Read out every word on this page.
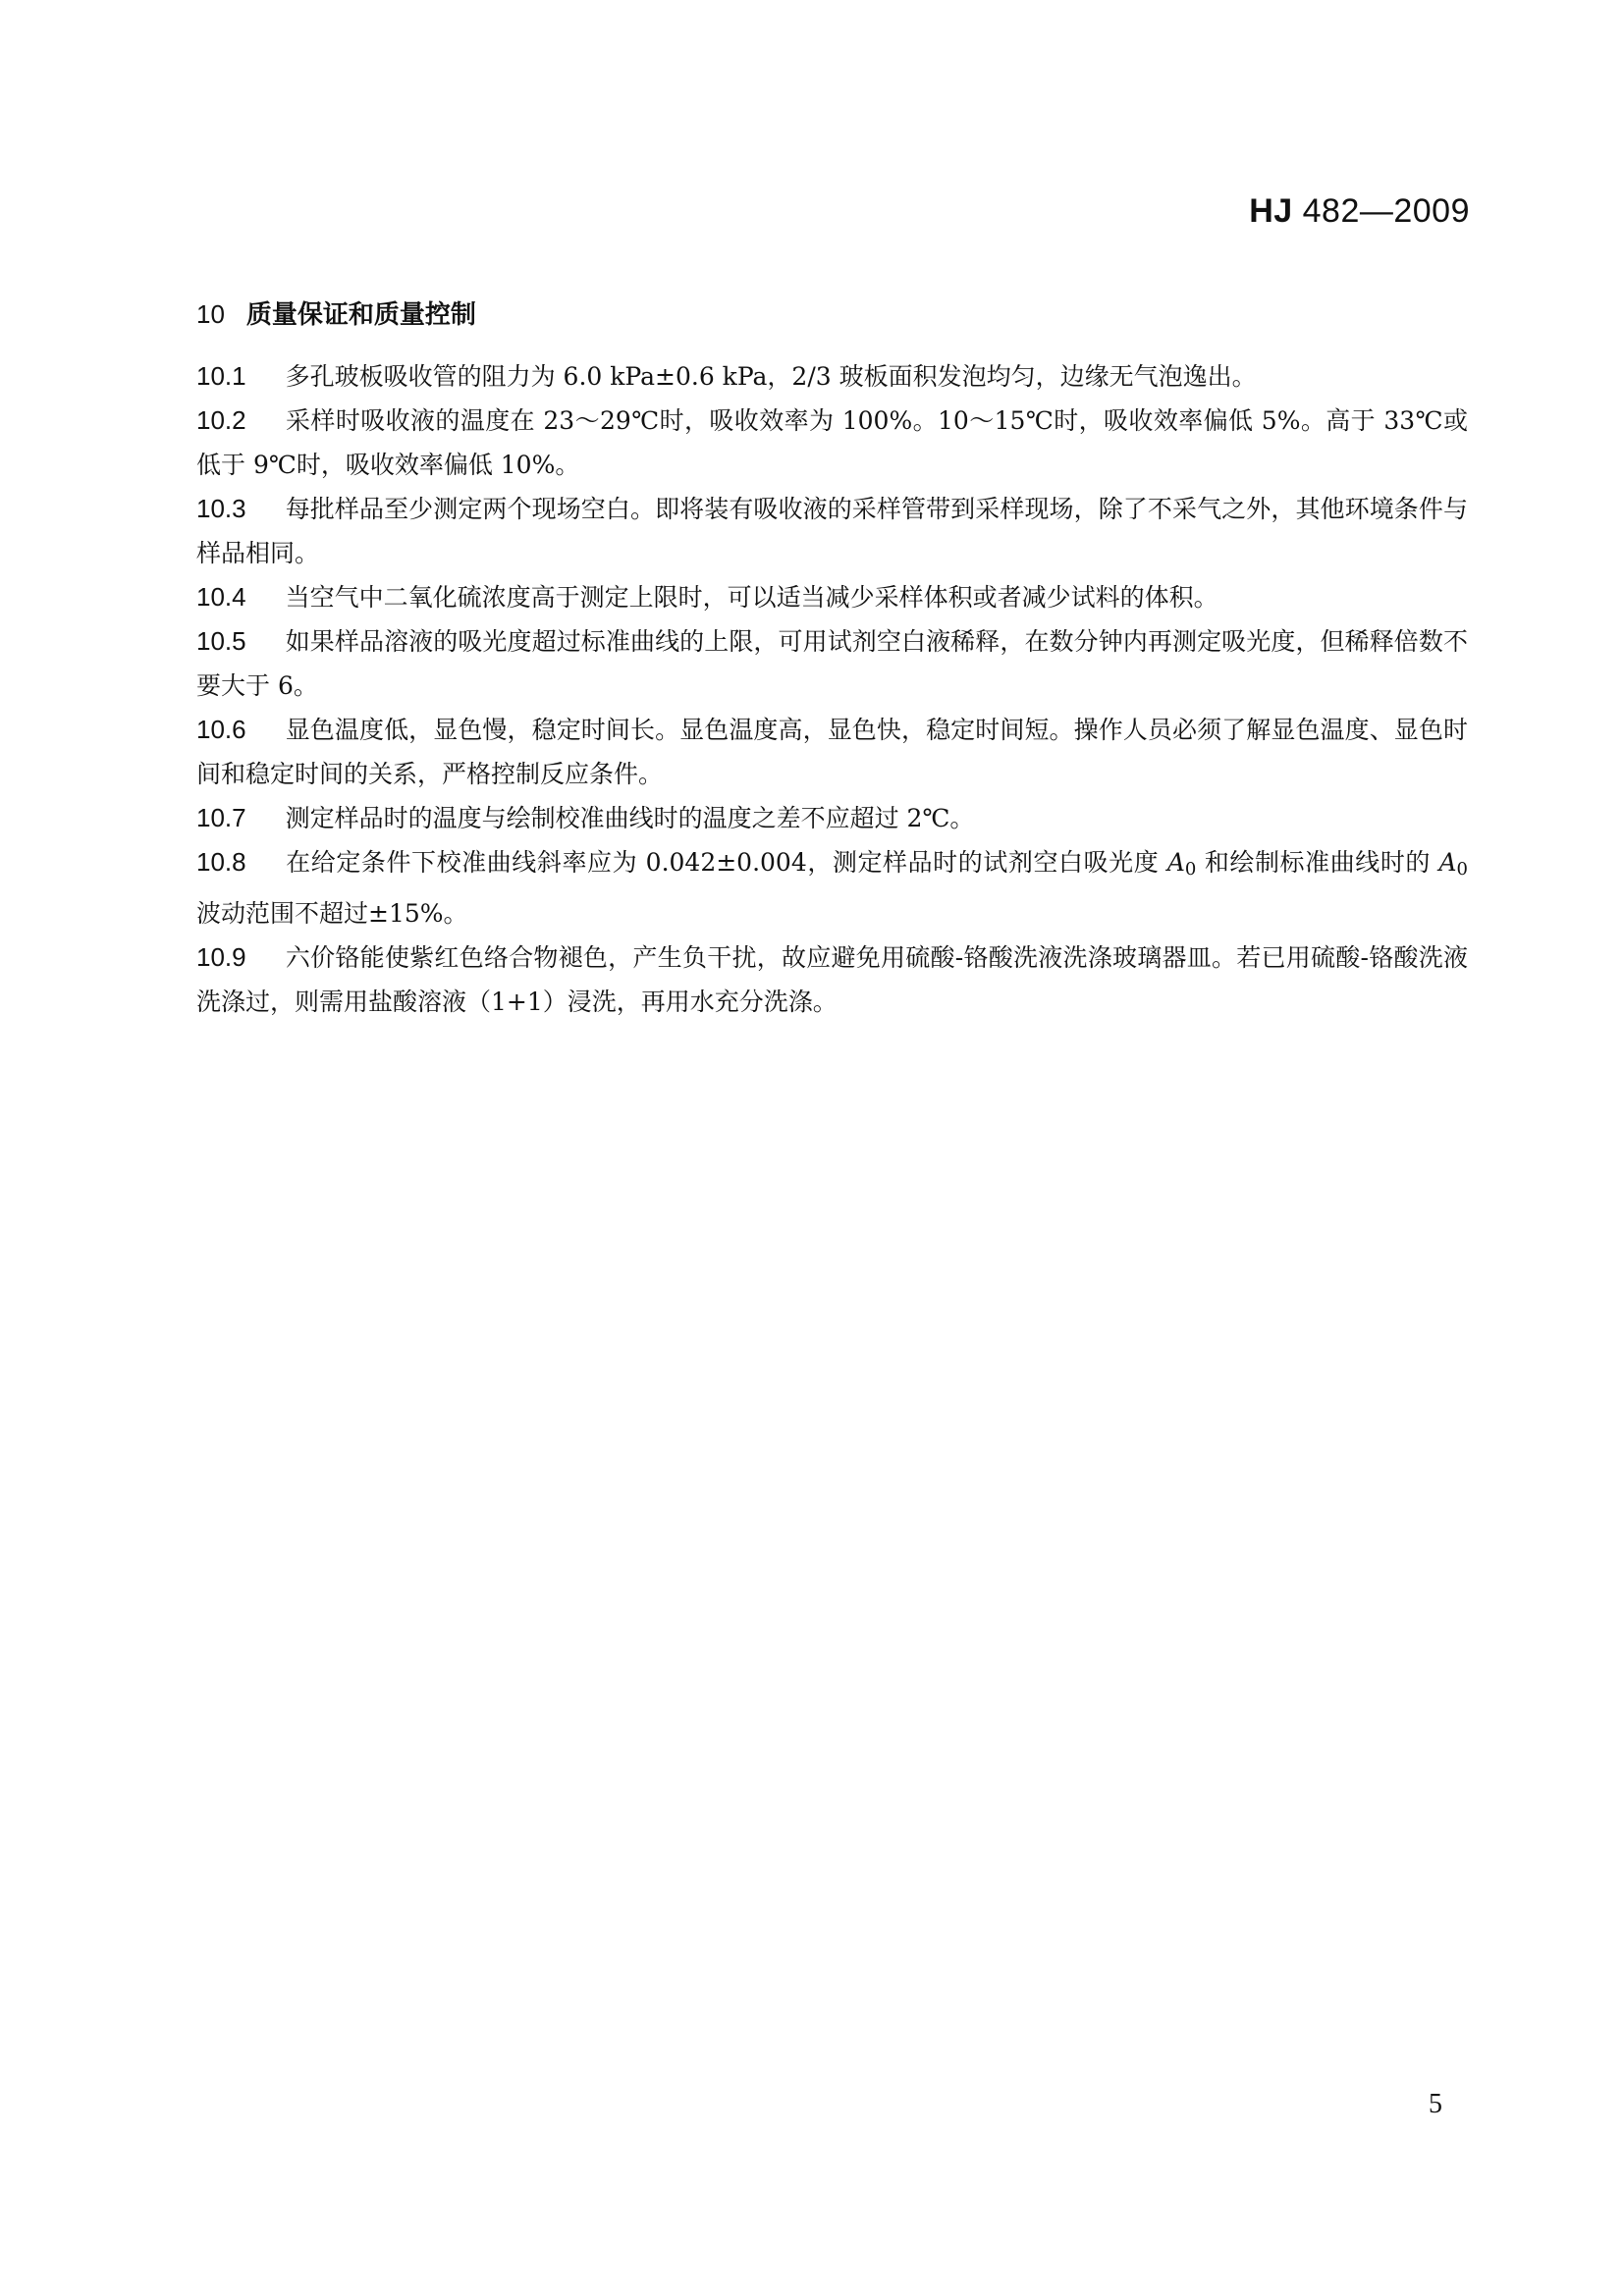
HJ 482—2009
10 质量保证和质量控制

10.1 多孔玻板吸收管的阻力为 6.0 kPa±0.6 kPa，2/3 玻板面积发泡均匀，边缘无气泡逸出。

10.2 采样时吸收液的温度在 23～29℃时，吸收效率为 100%。10～15℃时，吸收效率偏低 5%。高于 33℃或低于 9℃时，吸收效率偏低 10%。

10.3 每批样品至少测定两个现场空白。即将装有吸收液的采样管带到采样现场，除了不采气之外，其他环境条件与样品相同。

10.4 当空气中二氧化硫浓度高于测定上限时，可以适当减少采样体积或者减少试料的体积。

10.5 如果样品溶液的吸光度超过标准曲线的上限，可用试剂空白液稀释，在数分钟内再测定吸光度，但稀释倍数不要大于 6。

10.6 显色温度低，显色慢，稳定时间长。显色温度高，显色快，稳定时间短。操作人员必须了解显色温度、显色时间和稳定时间的关系，严格控制反应条件。

10.7 测定样品时的温度与绘制校准曲线时的温度之差不应超过 2℃。

10.8 在给定条件下校准曲线斜率应为 0.042±0.004，测定样品时的试剂空白吸光度 $A_0$ 和绘制标准曲线时的 $A_0$ 波动范围不超过±15%。

10.9 六价铬能使紫红色络合物褪色，产生负干扰，故应避免用硫酸-铬酸洗液洗涤玻璃器皿。若已用硫酸-铬酸洗液洗涤过，则需用盐酸溶液（1+1）浸洗，再用水充分洗涤。

5
